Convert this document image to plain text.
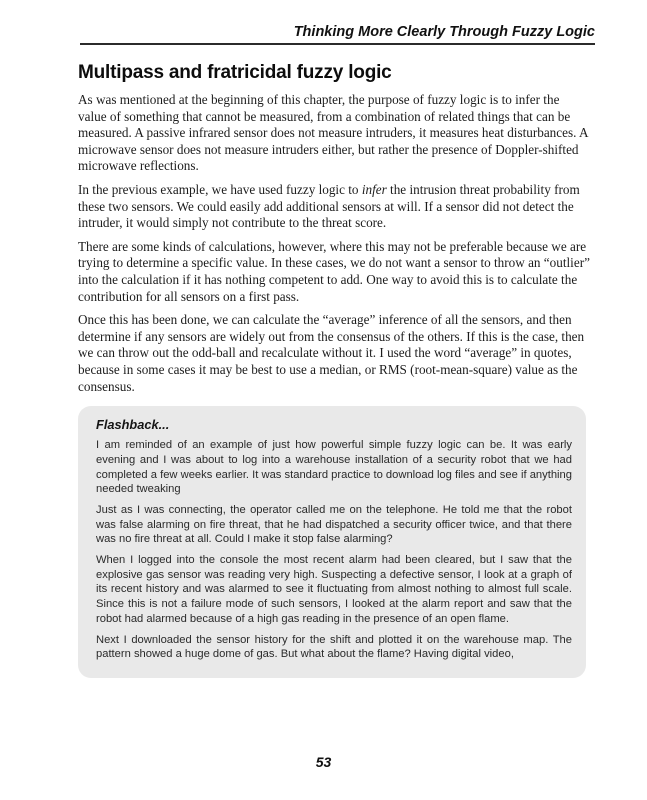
Thinking More Clearly Through Fuzzy Logic
Multipass and fratricidal fuzzy logic

As was mentioned at the beginning of this chapter, the purpose of fuzzy logic is to infer the value of something that cannot be measured, from a combination of related things that can be measured. A passive infrared sensor does not measure intruders, it measures heat disturbances. A microwave sensor does not measure intruders either, but rather the presence of Doppler-shifted microwave reflections.

In the previous example, we have used fuzzy logic to infer the intrusion threat probability from these two sensors. We could easily add additional sensors at will. If a sensor did not detect the intruder, it would simply not contribute to the threat score.

There are some kinds of calculations, however, where this may not be preferable because we are trying to determine a specific value. In these cases, we do not want a sensor to throw an “outlier” into the calculation if it has nothing competent to add. One way to avoid this is to calculate the contribution for all sensors on a first pass.

Once this has been done, we can calculate the “average” inference of all the sensors, and then determine if any sensors are widely out from the consensus of the others. If this is the case, then we can throw out the odd-ball and recalculate without it. I used the word “average” in quotes, because in some cases it may be best to use a median, or RMS (root-mean-square) value as the consensus.

Flashback...

I am reminded of an example of just how powerful simple fuzzy logic can be. It was early evening and I was about to log into a warehouse installation of a security robot that we had completed a few weeks earlier. It was standard practice to download log files and see if anything needed tweaking

Just as I was connecting, the operator called me on the telephone. He told me that the robot was false alarming on fire threat, that he had dispatched a security officer twice, and that there was no fire threat at all. Could I make it stop false alarming?

When I logged into the console the most recent alarm had been cleared, but I saw that the explosive gas sensor was reading very high. Suspecting a defective sensor, I look at a graph of its recent history and was alarmed to see it fluctuating from almost nothing to almost full scale. Since this is not a failure mode of such sensors, I looked at the alarm report and saw that the robot had alarmed because of a high gas reading in the presence of an open flame.

Next I downloaded the sensor history for the shift and plotted it on the warehouse map. The pattern showed a huge dome of gas. But what about the flame? Having digital video,

53
